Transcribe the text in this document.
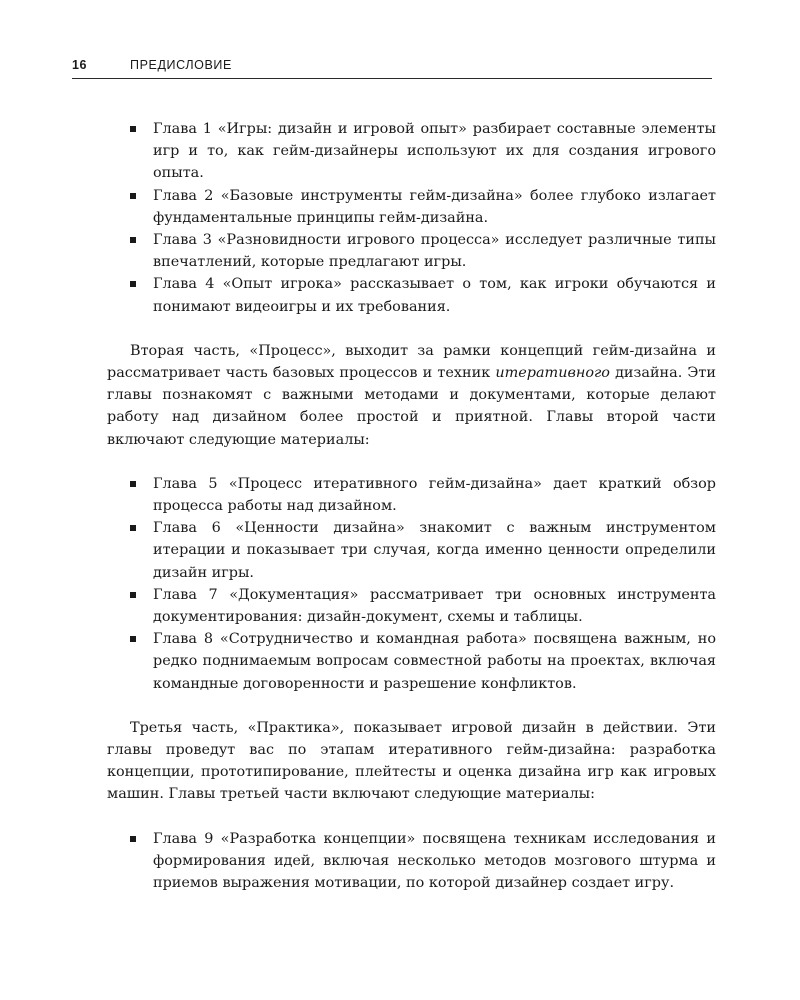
16	ПРЕДИСЛОВИЕ
Глава 1 «Игры: дизайн и игровой опыт» разбирает составные элементы игр и то, как гейм-дизайнеры используют их для создания игрового опыта.
Глава 2 «Базовые инструменты гейм-дизайна» более глубоко излагает фундаментальные принципы гейм-дизайна.
Глава 3 «Разновидности игрового процесса» исследует различные типы впечатлений, которые предлагают игры.
Глава 4 «Опыт игрока» рассказывает о том, как игроки обучаются и понимают видеоигры и их требования.

Вторая часть, «Процесс», выходит за рамки концепций гейм-дизайна и рассматривает часть базовых процессов и техник итеративного дизайна. Эти главы познакомят с важными методами и документами, которые делают работу над дизайном более простой и приятной. Главы второй части включают следующие материалы:

Глава 5 «Процесс итеративного гейм-дизайна» дает краткий обзор процесса работы над дизайном.
Глава 6 «Ценности дизайна» знакомит с важным инструментом итерации и показывает три случая, когда именно ценности определили дизайн игры.
Глава 7 «Документация» рассматривает три основных инструмента документирования: дизайн-документ, схемы и таблицы.
Глава 8 «Сотрудничество и командная работа» посвящена важным, но редко поднимаемым вопросам совместной работы на проектах, включая командные договоренности и разрешение конфликтов.

Третья часть, «Практика», показывает игровой дизайн в действии. Эти главы проведут вас по этапам итеративного гейм-дизайна: разработка концепции, прототипирование, плейтесты и оценка дизайна игр как игровых машин. Главы третьей части включают следующие материалы:

Глава 9 «Разработка концепции» посвящена техникам исследования и формирования идей, включая несколько методов мозгового штурма и приемов выражения мотивации, по которой дизайнер создает игру.
